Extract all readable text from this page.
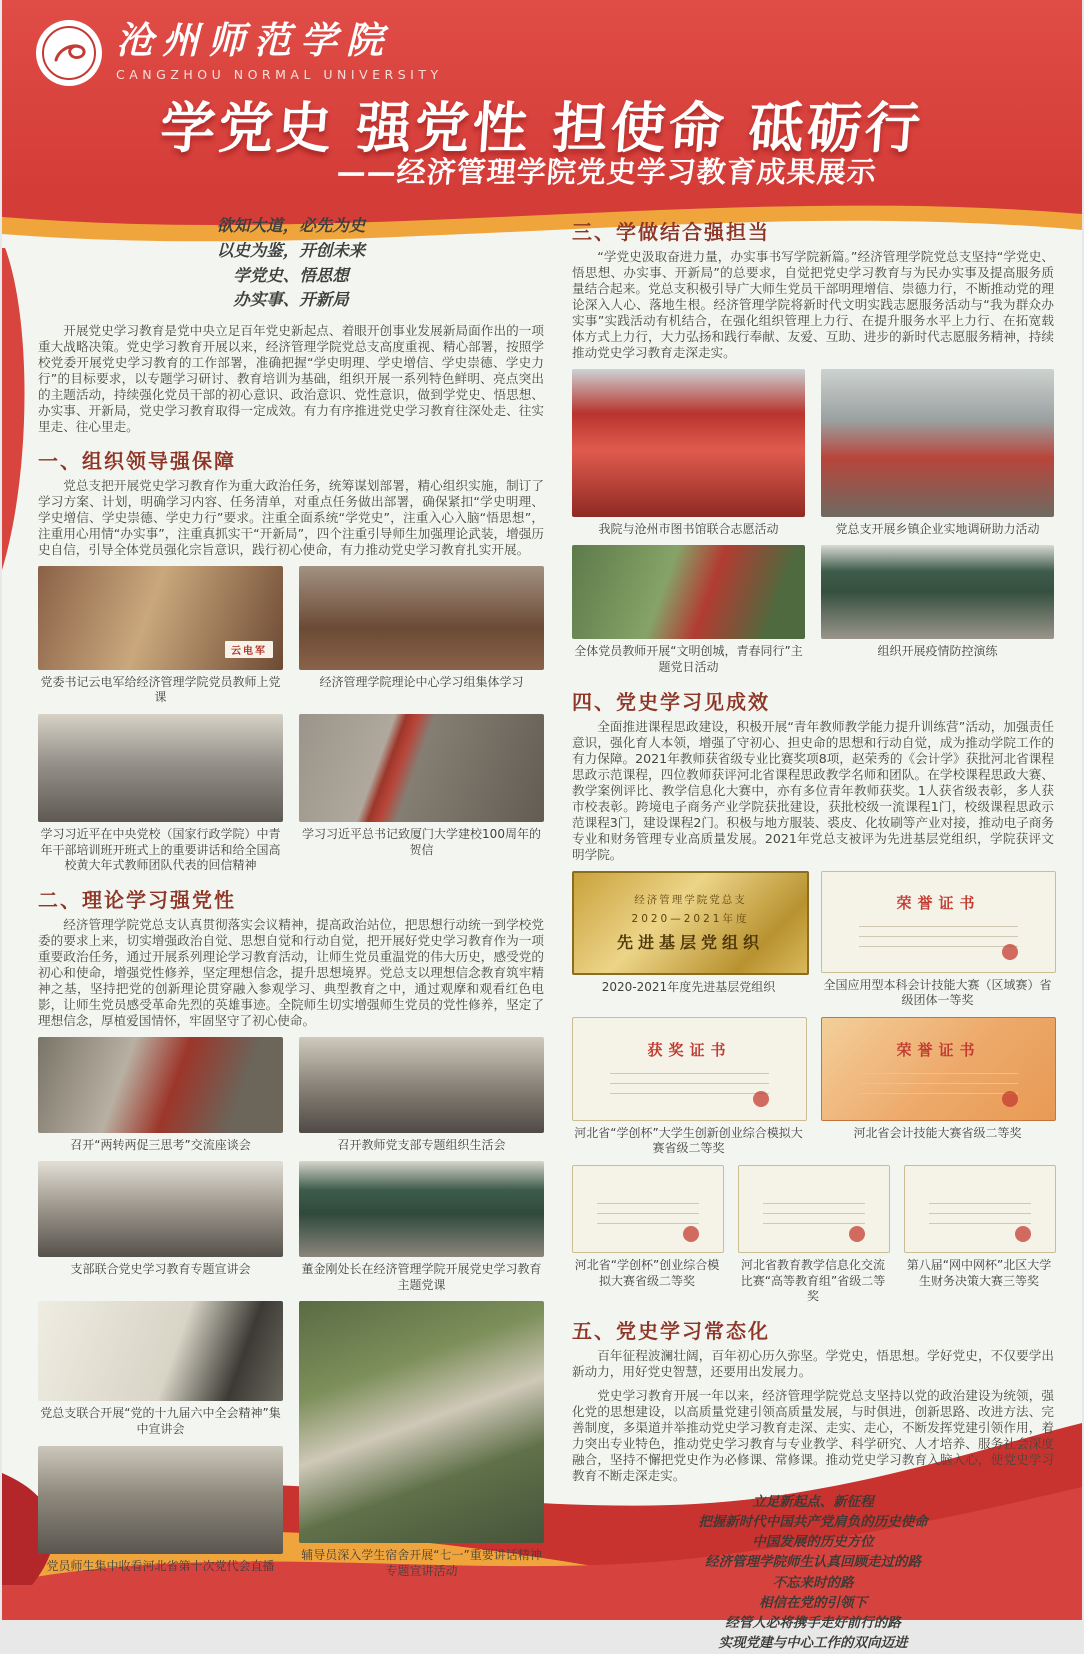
沧州师范学院
CANGZHOU NORMAL UNIVERSITY
学党史 强党性 担使命 砥砺行
——经济管理学院党史学习教育成果展示
欲知大道，必先为史
以史为鉴，开创未来
学党史、悟思想
办实事、开新局

开展党史学习教育是党中央立足百年党史新起点、着眼开创事业发展新局面作出的一项重大战略决策。党史学习教育开展以来，经济管理学院党总支高度重视、精心部署，按照学校党委开展党史学习教育的工作部署，准确把握“学史明理、学史增信、学史崇德、学史力行”的目标要求，以专题学习研讨、教育培训为基础，组织开展一系列特色鲜明、亮点突出的主题活动，持续强化党员干部的初心意识、政治意识、党性意识，做到学党史、悟思想、办实事、开新局，党史学习教育取得一定成效。有力有序推进党史学习教育往深处走、往实里走、往心里走。

一、组织领导强保障

党总支把开展党史学习教育作为重大政治任务，统筹谋划部署，精心组织实施，制订了学习方案、计划，明确学习内容、任务清单，对重点任务做出部署，确保紧扣“学史明理、学史增信、学史崇德、学史力行”要求。注重全面系统“学党史”，注重入心入脑“悟思想”，注重用心用情“办实事”，注重真抓实干“开新局”，四个注重引导师生加强理论武装，增强历史自信，引导全体党员强化宗旨意识，践行初心使命，有力推动党史学习教育扎实开展。

云电军
党委书记云电军给经济管理学院党员教师上党课
经济管理学院理论中心学习组集体学习
学习习近平在中央党校（国家行政学院）中青年干部培训班开班式上的重要讲话和给全国高校黄大年式教师团队代表的回信精神
学习习近平总书记致厦门大学建校100周年的贺信
二、理论学习强党性

经济管理学院党总支认真贯彻落实会议精神，提高政治站位，把思想行动统一到学校党委的要求上来，切实增强政治自觉、思想自觉和行动自觉，把开展好党史学习教育作为一项重要政治任务，通过开展系列理论学习教育活动，让师生党员重温党的伟大历史，感受党的初心和使命，增强党性修养，坚定理想信念，提升思想境界。党总支以理想信念教育筑牢精神之基，坚持把党的创新理论贯穿融入参观学习、典型教育之中，通过观摩和观看红色电影，让师生党员感受革命先烈的英雄事迹。全院师生切实增强师生党员的党性修养，坚定了理想信念，厚植爱国情怀，牢固坚守了初心使命。

召开“两转两促三思考”交流座谈会	召开教师党支部专题组织生活会
支部联合党史学习教育专题宣讲会	董金刚处长在经济管理学院开展党史学习教育主题党课
党总支联合开展“党的十九届六中全会精神”集中宣讲会
党员师生集中收看河北省第十次党代会直播
辅导员深入学生宿舍开展“七一”重要讲话精神专题宣讲活动
三、学做结合强担当

“学党史汲取奋进力量，办实事书写学院新篇。”经济管理学院党总支坚持“学党史、悟思想、办实事、开新局”的总要求，自觉把党史学习教育与为民办实事及提高服务质量结合起来。党总支积极引导广大师生党员干部明理增信、崇德力行，不断推动党的理论深入人心、落地生根。经济管理学院将新时代文明实践志愿服务活动与“我为群众办实事”实践活动有机结合，在强化组织管理上力行、在提升服务水平上力行、在拓宽载体方式上力行，大力弘扬和践行奉献、友爱、互助、进步的新时代志愿服务精神，持续推动党史学习教育走深走实。

我院与沧州市图书馆联合志愿活动	党总支开展乡镇企业实地调研助力活动
全体党员教师开展“文明创城，青春同行”主题党日活动
组织开展疫情防控演练
四、党史学习见成效

全面推进课程思政建设，积极开展“青年教师教学能力提升训练营”活动，加强责任意识，强化育人本领，增强了守初心、担史命的思想和行动自觉，成为推动学院工作的有力保障。2021年教师获省级专业比赛奖项8项，赵荣秀的《会计学》获批河北省课程思政示范课程，四位教师获评河北省课程思政教学名师和团队。在学校课程思政大赛、教学案例评比、教学信息化大赛中，亦有多位青年教师获奖。1人获省级表彰，多人获市校表彰。跨境电子商务产业学院获批建设，获批校级一流课程1门，校级课程思政示范课程3门，建设课程2门。积极与地方服装、裘皮、化妆刷等产业对接，推动电子商务专业和财务管理专业高质量发展。2021年党总支被评为先进基层党组织，学院获评文明学院。

经济管理学院党总支
2020—2021年度
先进基层党组织
2020-2021年度先进基层党组织
荣誉证书
全国应用型本科会计技能大赛（区域赛）省级团体一等奖
获奖证书
河北省“学创杯”大学生创新创业综合模拟大赛省级二等奖
荣誉证书
河北省会计技能大赛省级二等奖
河北省“学创杯”创业综合模拟大赛省级二等奖
河北省教育教学信息化交流比赛“高等教育组”省级二等奖
第八届“网中网杯”北区大学生财务决策大赛三等奖
五、党史学习常态化

百年征程波澜壮阔，百年初心历久弥坚。学党史，悟思想。学好党史，不仅要学出新动力，用好党史智慧，还要用出发展力。

党史学习教育开展一年以来，经济管理学院党总支坚持以党的政治建设为统领，强化党的思想建设，以高质量党建引领高质量发展，与时俱进，创新思路、改进方法、完善制度，多渠道并举推动党史学习教育走深、走实、走心，不断发挥党建引领作用，着力突出专业特色，推动党史学习教育与专业教学、科学研究、人才培养、服务社会深度融合，坚持不懈把党史作为必修课、常修课。推动党史学习教育入脑入心，使党史学习教育不断走深走实。

立足新起点、新征程
把握新时代中国共产党肩负的历史使命
中国发展的历史方位
经济管理学院师生认真回顾走过的路
不忘来时的路
相信在党的引领下
经管人必将携手走好前行的路
实现党建与中心工作的双向迈进
